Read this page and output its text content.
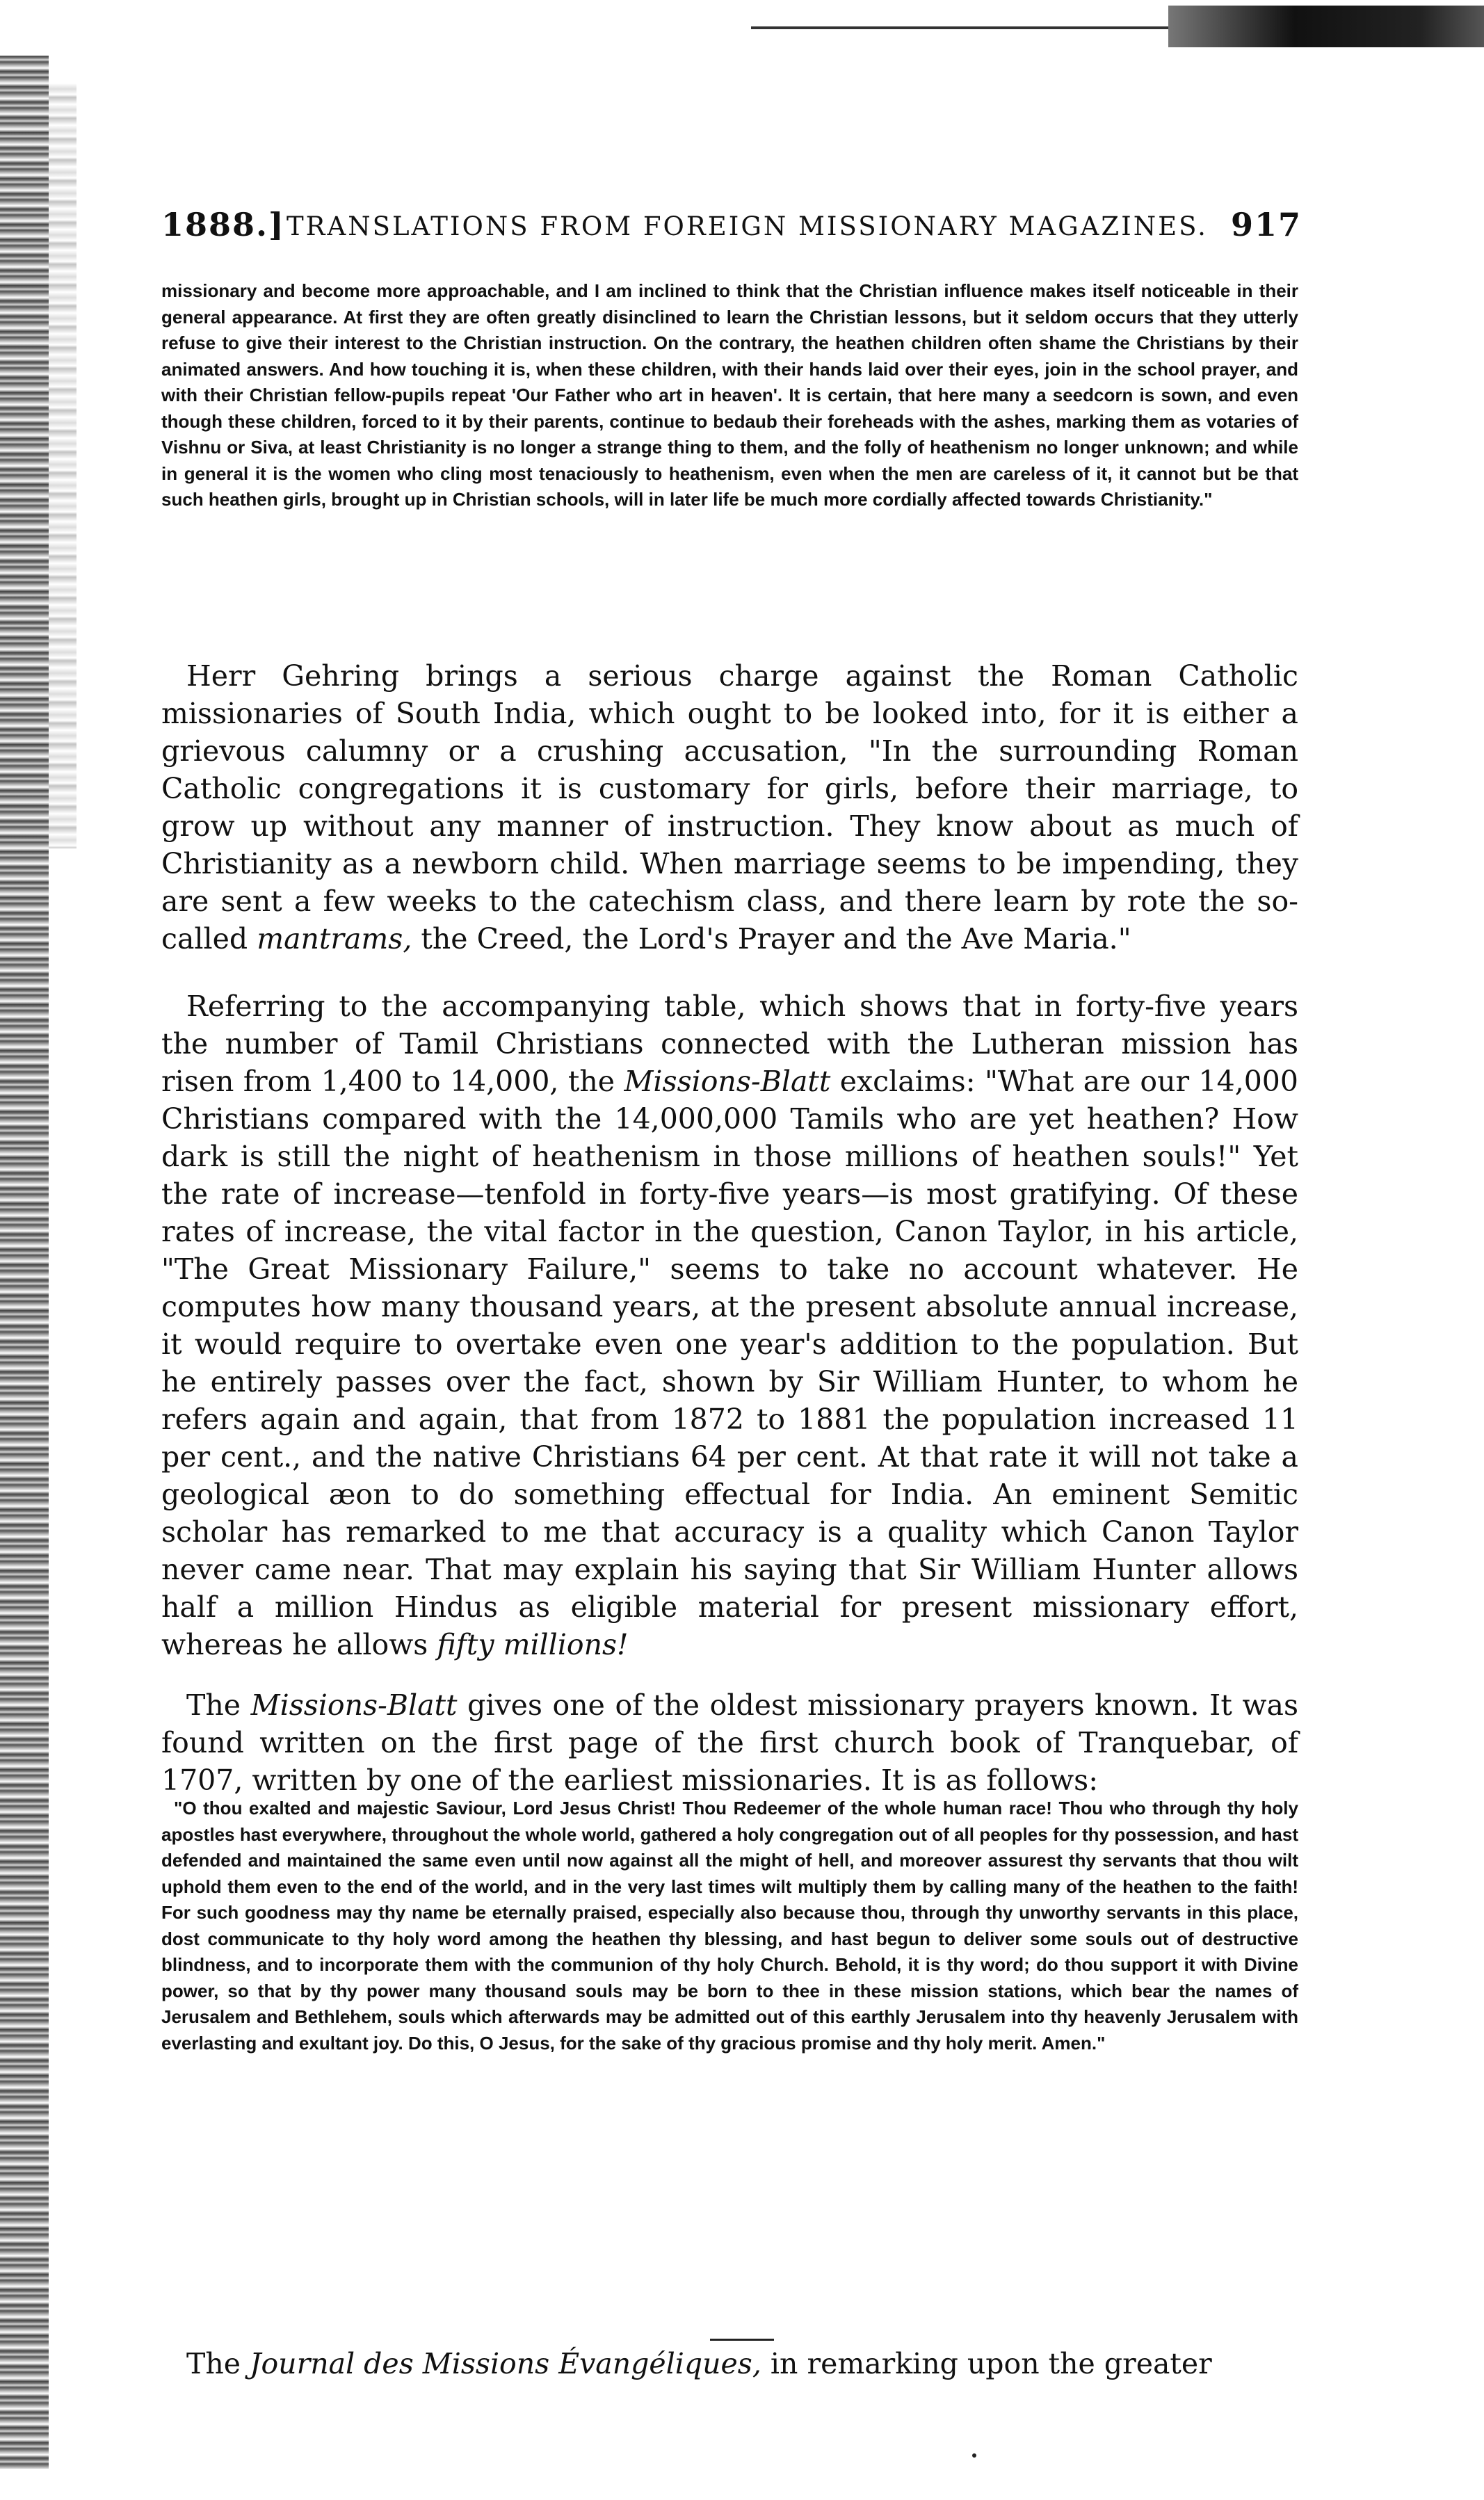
1888.] TRANSLATIONS FROM FOREIGN MISSIONARY MAGAZINES. 917

missionary and become more approachable, and I am inclined to think that the Christian influence makes itself noticeable in their general appearance. At first they are often greatly disinclined to learn the Christian lessons, but it seldom occurs that they utterly refuse to give their interest to the Christian instruction. On the contrary, the heathen children often shame the Christians by their animated answers. And how touching it is, when these children, with their hands laid over their eyes, join in the school prayer, and with their Christian fellow-pupils repeat 'Our Father who art in heaven'. It is certain, that here many a seedcorn is sown, and even though these children, forced to it by their parents, continue to bedaub their foreheads with the ashes, marking them as votaries of Vishnu or Siva, at least Christianity is no longer a strange thing to them, and the folly of heathenism no longer unknown; and while in general it is the women who cling most tenaciously to heathenism, even when the men are careless of it, it cannot but be that such heathen girls, brought up in Christian schools, will in later life be much more cordially affected towards Christianity."

Herr Gehring brings a serious charge against the Roman Catholic missionaries of South India, which ought to be looked into, for it is either a grievous calumny or a crushing accusation, "In the surrounding Roman Catholic congregations it is customary for girls, before their marriage, to grow up without any manner of instruction. They know about as much of Christianity as a newborn child. When marriage seems to be impending, they are sent a few weeks to the catechism class, and there learn by rote the so-called mantrams, the Creed, the Lord's Prayer and the Ave Maria."

Referring to the accompanying table, which shows that in forty-five years the number of Tamil Christians connected with the Lutheran mission has risen from 1,400 to 14,000, the Missions-Blatt exclaims: "What are our 14,000 Christians compared with the 14,000,000 Tamils who are yet heathen? How dark is still the night of heathenism in those millions of heathen souls!" Yet the rate of increase—tenfold in forty-five years—is most gratifying. Of these rates of increase, the vital factor in the question, Canon Taylor, in his article, "The Great Missionary Failure," seems to take no account whatever. He computes how many thousand years, at the present absolute annual increase, it would require to overtake even one year's addition to the population. But he entirely passes over the fact, shown by Sir William Hunter, to whom he refers again and again, that from 1872 to 1881 the population increased 11 per cent., and the native Christians 64 per cent. At that rate it will not take a geological æon to do something effectual for India. An eminent Semitic scholar has remarked to me that accuracy is a quality which Canon Taylor never came near. That may explain his saying that Sir William Hunter allows half a million Hindus as eligible material for present missionary effort, whereas he allows fifty millions!

The Missions-Blatt gives one of the oldest missionary prayers known. It was found written on the first page of the first church book of Tranquebar, of 1707, written by one of the earliest missionaries. It is as follows:

"O thou exalted and majestic Saviour, Lord Jesus Christ! Thou Redeemer of the whole human race! Thou who through thy holy apostles hast everywhere, throughout the whole world, gathered a holy congregation out of all peoples for thy possession, and hast defended and maintained the same even until now against all the might of hell, and moreover assurest thy servants that thou wilt uphold them even to the end of the world, and in the very last times wilt multiply them by calling many of the heathen to the faith! For such goodness may thy name be eternally praised, especially also because thou, through thy unworthy servants in this place, dost communicate to thy holy word among the heathen thy blessing, and hast begun to deliver some souls out of destructive blindness, and to incorporate them with the communion of thy holy Church. Behold, it is thy word; do thou support it with Divine power, so that by thy power many thousand souls may be born to thee in these mission stations, which bear the names of Jerusalem and Bethlehem, souls which afterwards may be admitted out of this earthly Jerusalem into thy heavenly Jerusalem with everlasting and exultant joy. Do this, O Jesus, for the sake of thy gracious promise and thy holy merit. Amen."

The Journal des Missions Évangéliques, in remarking upon the greater
